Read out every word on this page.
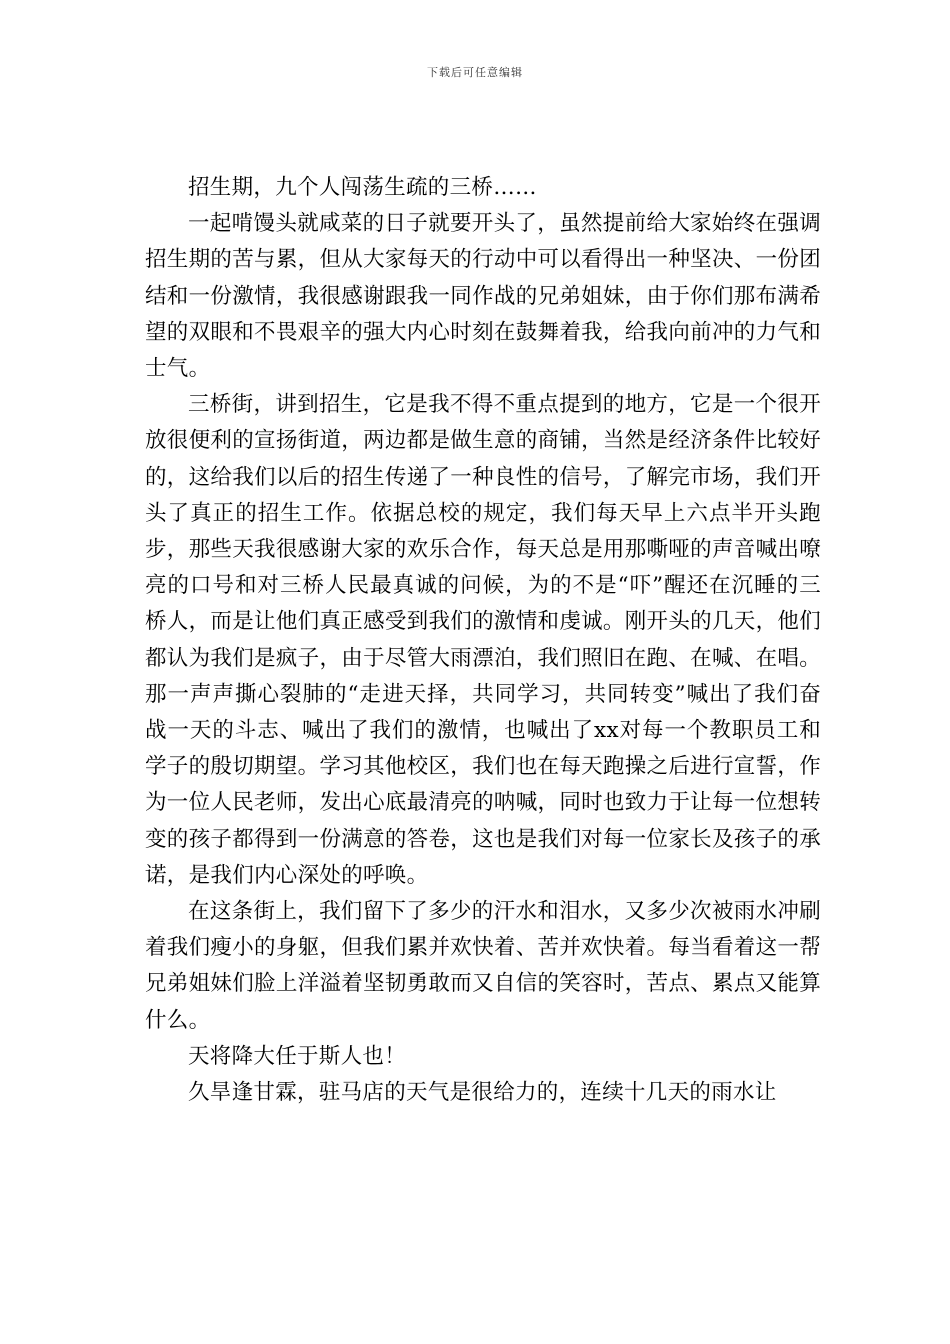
下载后可任意编辑

招生期，九个人闯荡生疏的三桥……

一起啃馒头就咸菜的日子就要开头了，虽然提前给大家始终在强调招生期的苦与累，但从大家每天的行动中可以看得出一种坚决、一份团结和一份激情，我很感谢跟我一同作战的兄弟姐妹，由于你们那布满希望的双眼和不畏艰辛的强大内心时刻在鼓舞着我，给我向前冲的力气和士气。

三桥街，讲到招生，它是我不得不重点提到的地方，它是一个很开放很便利的宣扬街道，两边都是做生意的商铺，当然是经济条件比较好的，这给我们以后的招生传递了一种良性的信号，了解完市场，我们开头了真正的招生工作。依据总校的规定，我们每天早上六点半开头跑步，那些天我很感谢大家的欢乐合作，每天总是用那嘶哑的声音喊出嘹亮的口号和对三桥人民最真诚的问候，为的不是“吓”醒还在沉睡的三桥人，而是让他们真正感受到我们的激情和虔诚。刚开头的几天，他们都认为我们是疯子，由于尽管大雨漂泊，我们照旧在跑、在喊、在唱。那一声声撕心裂肺的“走进天择，共同学习，共同转变”喊出了我们奋战一天的斗志、喊出了我们的激情，也喊出了xx对每一个教职员工和学子的殷切期望。学习其他校区，我们也在每天跑操之后进行宣誓，作为一位人民老师，发出心底最清亮的呐喊，同时也致力于让每一位想转变的孩子都得到一份满意的答卷，这也是我们对每一位家长及孩子的承诺，是我们内心深处的呼唤。

在这条街上，我们留下了多少的汗水和泪水，又多少次被雨水冲刷着我们瘦小的身躯，但我们累并欢快着、苦并欢快着。每当看着这一帮兄弟姐妹们脸上洋溢着坚韧勇敢而又自信的笑容时，苦点、累点又能算什么。

天将降大任于斯人也！

久旱逢甘霖，驻马店的天气是很给力的，连续十几天的雨水让
